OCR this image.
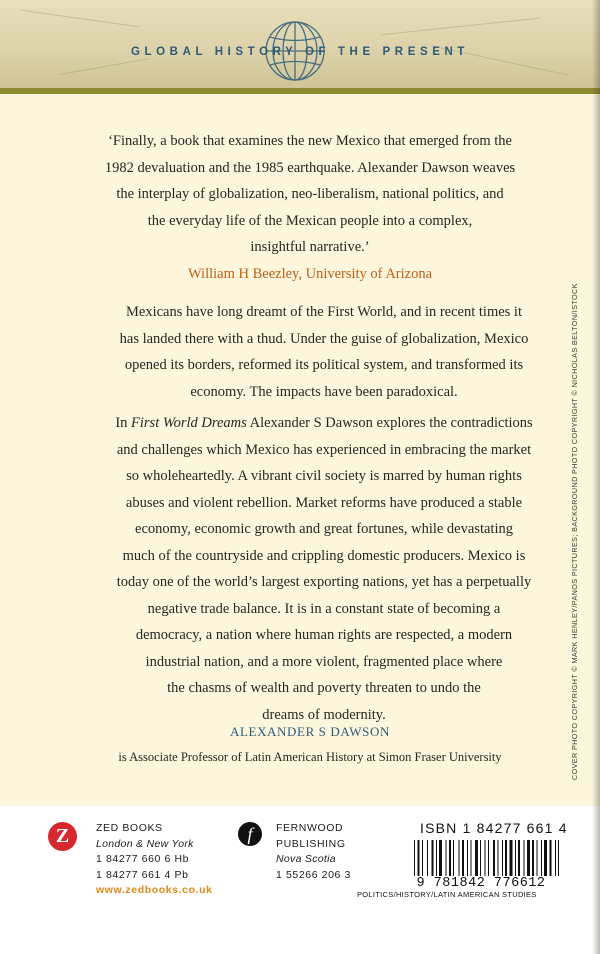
GLOBAL HISTORY OF THE PRESENT
‘Finally, a book that examines the new Mexico that emerged from the
1982 devaluation and the 1985 earthquake. Alexander Dawson weaves
the interplay of globalization, neo-liberalism, national politics, and
the everyday life of the Mexican people into a complex,
insightful narrative.’
William H Beezley, University of Arizona
Mexicans have long dreamt of the First World, and in recent times it
has landed there with a thud. Under the guise of globalization, Mexico
opened its borders, reformed its political system, and transformed its
economy. The impacts have been paradoxical.
In First World Dreams Alexander S Dawson explores the contradictions
and challenges which Mexico has experienced in embracing the market
so wholeheartedly. A vibrant civil society is marred by human rights
abuses and violent rebellion. Market reforms have produced a stable
economy, economic growth and great fortunes, while devastating
much of the countryside and crippling domestic producers. Mexico is
today one of the world’s largest exporting nations, yet has a perpetually
negative trade balance. It is in a constant state of becoming a
democracy, a nation where human rights are respected, a modern
industrial nation, and a more violent, fragmented place where
the chasms of wealth and poverty threaten to undo the
dreams of modernity.
ALEXANDER S DAWSON
is Associate Professor of Latin American History at Simon Fraser University	COVER PHOTO COPYRIGHT © MARK HENLEY/PANOS PICTURES; BACKGROUND PHOTO COPYRIGHT © NICHOLAS BELTON/ISTOCK
Z	ZED BOOKS
London & New York
1 84277 660 6 Hb
1 84277 661 4 Pb
www.zedbooks.co.uk
f	FERNWOOD
PUBLISHING
Nova Scotia
1 55266 206 3
ISBN 1 84277 661 4
9 781842 776612
POLITICS/HISTORY/LATIN AMERICAN STUDIES
